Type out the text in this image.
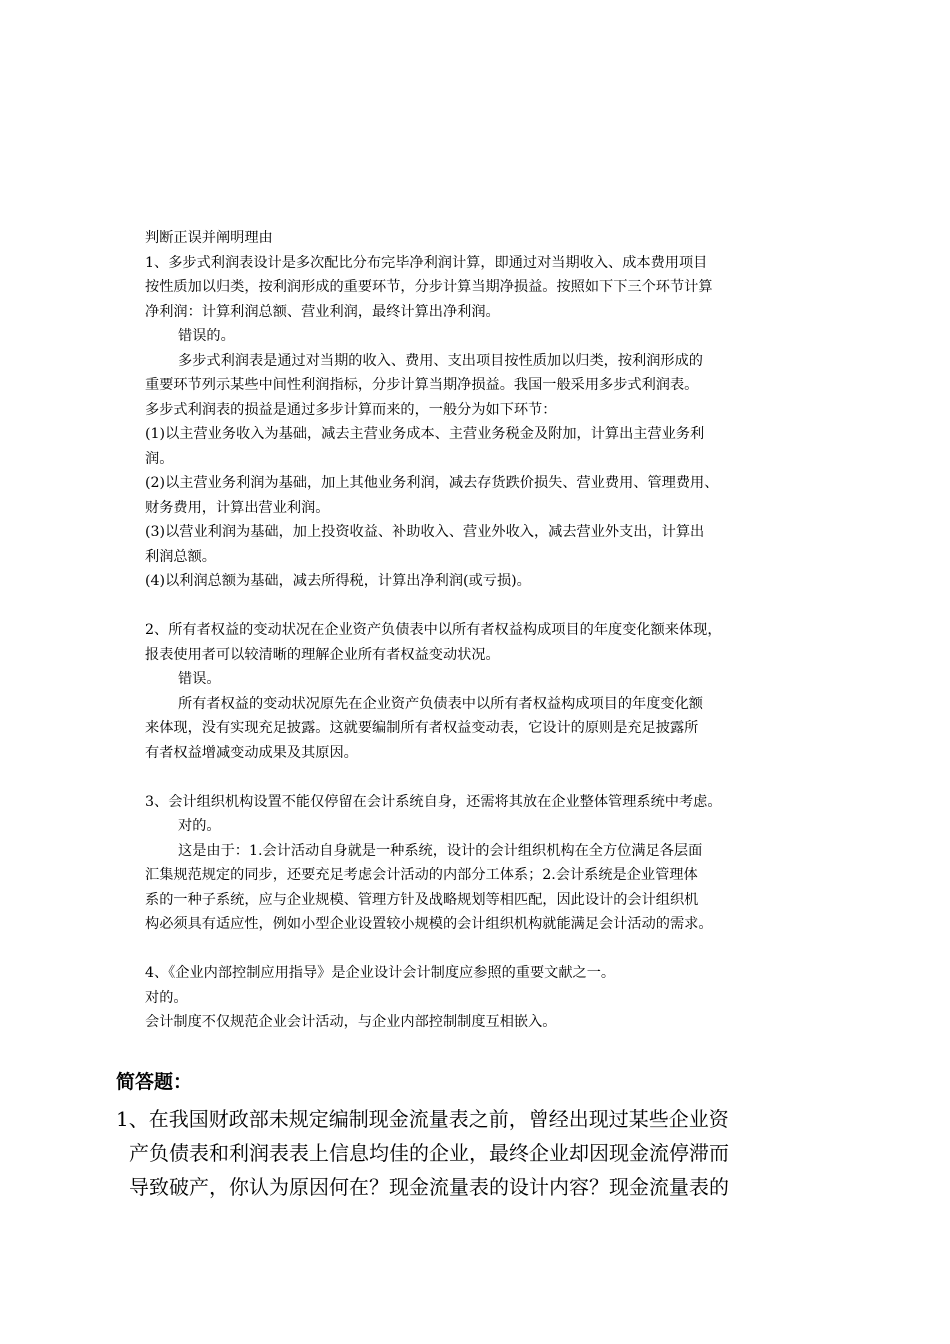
判断正误并阐明理由
1、多步式利润表设计是多次配比分布完毕净利润计算，即通过对当期收入、成本费用项目
按性质加以归类，按利润形成的重要环节，分步计算当期净损益。按照如下下三个环节计算
净利润：计算利润总额、营业利润，最终计算出净利润。
错误的。
多步式利润表是通过对当期的收入、费用、支出项目按性质加以归类，按利润形成的
重要环节列示某些中间性利润指标，分步计算当期净损益。我国一般采用多步式利润表。
多步式利润表的损益是通过多步计算而来的，一般分为如下环节：
(1)以主营业务收入为基础，减去主营业务成本、主营业务税金及附加，计算出主营业务利
润。
(2)以主营业务利润为基础，加上其他业务利润，减去存货跌价损失、营业费用、管理费用、
财务费用，计算出营业利润。
(3)以营业利润为基础，加上投资收益、补助收入、营业外收入，减去营业外支出，计算出
利润总额。
(4)以利润总额为基础，减去所得税，计算出净利润(或亏损)。
2、所有者权益的变动状况在企业资产负债表中以所有者权益构成项目的年度变化额来体现，
报表使用者可以较清晰的理解企业所有者权益变动状况。
错误。
所有者权益的变动状况原先在企业资产负债表中以所有者权益构成项目的年度变化额
来体现，没有实现充足披露。这就要编制所有者权益变动表，它设计的原则是充足披露所
有者权益增减变动成果及其原因。
3、会计组织机构设置不能仅停留在会计系统自身，还需将其放在企业整体管理系统中考虑。
对的。
这是由于：1.会计活动自身就是一种系统，设计的会计组织机构在全方位满足各层面
汇集规范规定的同步，还要充足考虑会计活动的内部分工体系；2.会计系统是企业管理体
系的一种子系统，应与企业规模、管理方针及战略规划等相匹配，因此设计的会计组织机
构必须具有适应性，例如小型企业设置较小规模的会计组织机构就能满足会计活动的需求。
4、《企业内部控制应用指导》是企业设计会计制度应参照的重要文献之一。
对的。
会计制度不仅规范企业会计活动，与企业内部控制制度互相嵌入。
简答题：
1、在我国财政部未规定编制现金流量表之前，曾经出现过某些企业资
产负债表和利润表表上信息均佳的企业，最终企业却因现金流停滞而
导致破产，你认为原因何在？现金流量表的设计内容？现金流量表的
